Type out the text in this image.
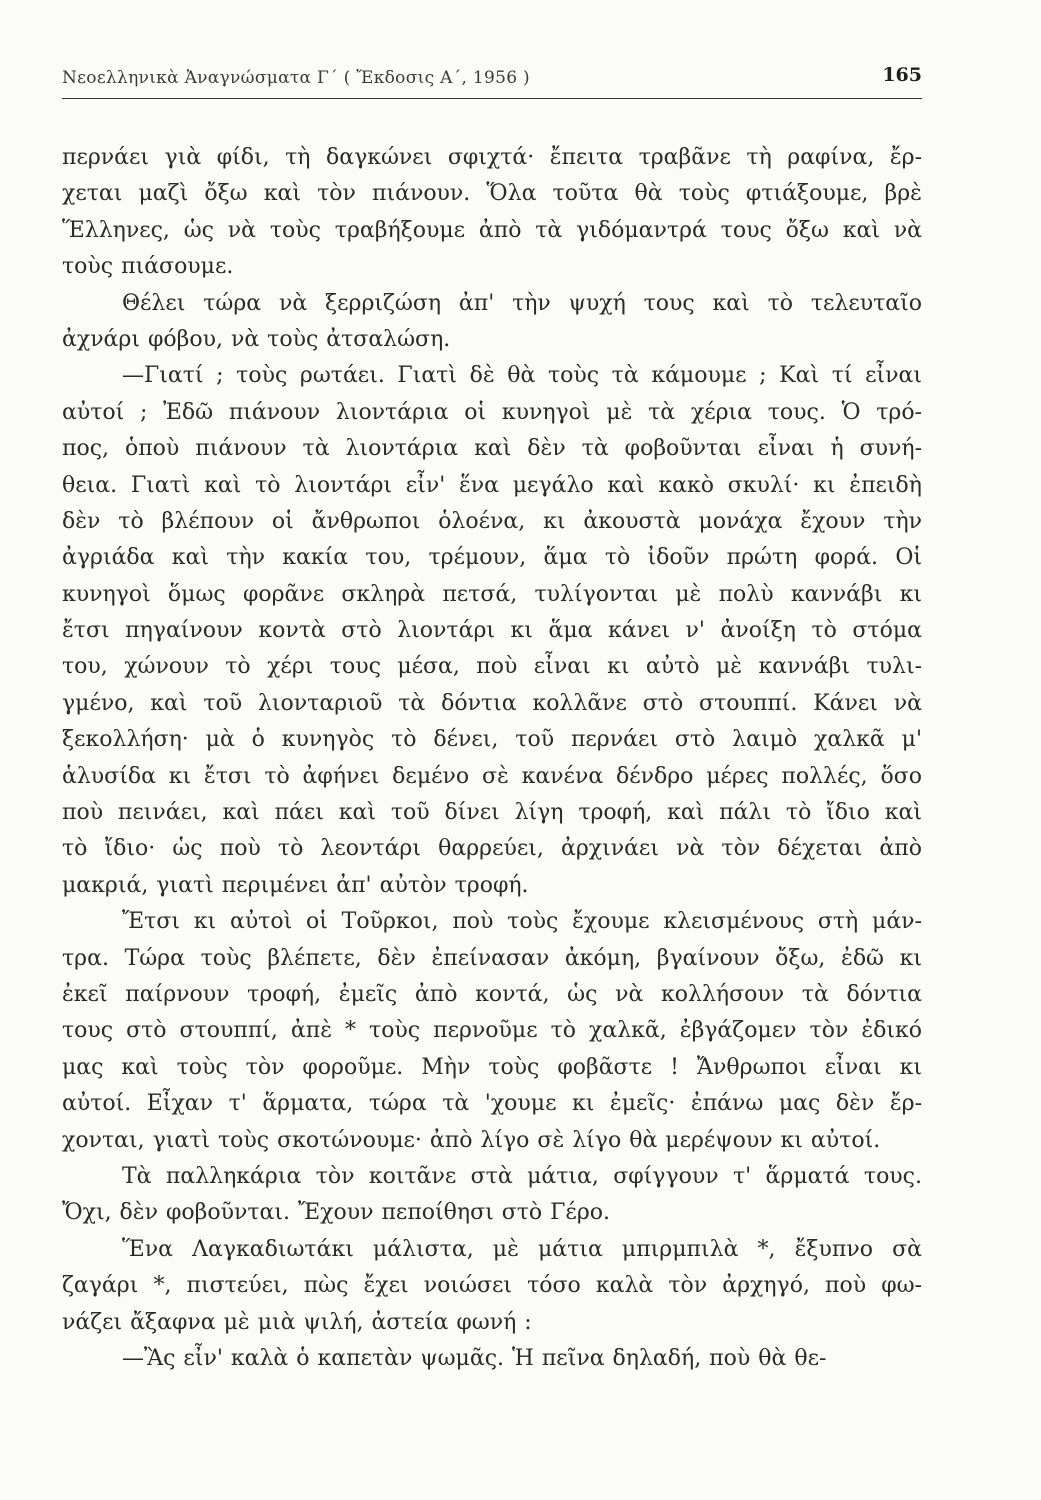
Νεοελληνικὰ Ἀναγνώσματα Γ΄ ( Ἔκδοσις Α΄, 1956 )	165
περνάει γιὰ φίδι, τὴ δαγκώνει σφιχτά· ἔπειτα τραβᾶνε τὴ ραφίνα, ἔρ-
χεται μαζὶ ὄξω καὶ τὸν πιάνουν. Ὅλα τοῦτα θὰ τοὺς φτιάξουμε, βρὲ
Ἕλληνες, ὡς νὰ τοὺς τραβήξουμε ἀπὸ τὰ γιδόμαντρά τους ὄξω καὶ νὰ
τοὺς πιάσουμε.
Θέλει τώρα νὰ ξερριζώση ἀπ' τὴν ψυχή τους καὶ τὸ τελευταῖο
ἀχνάρι φόβου, νὰ τοὺς ἀτσαλώση.
—Γιατί ; τοὺς ρωτάει. Γιατὶ δὲ θὰ τοὺς τὰ κάμουμε ; Καὶ τί εἶναι
αὐτοί ; Ἐδῶ πιάνουν λιοντάρια οἱ κυνηγοὶ μὲ τὰ χέρια τους. Ὁ τρό-
πος, ὁποὺ πιάνουν τὰ λιοντάρια καὶ δὲν τὰ φοβοῦνται εἶναι ἡ συνή-
θεια. Γιατὶ καὶ τὸ λιοντάρι εἶν' ἕνα μεγάλο καὶ κακὸ σκυλί· κι ἐπειδὴ
δὲν τὸ βλέπουν οἱ ἄνθρωποι ὁλοένα, κι ἀκουστὰ μονάχα ἔχουν τὴν
ἀγριάδα καὶ τὴν κακία του, τρέμουν, ἅμα τὸ ἰδοῦν πρώτη φορά. Οἱ
κυνηγοὶ ὅμως φορᾶνε σκληρὰ πετσά, τυλίγονται μὲ πολὺ καννάβι κι
ἔτσι πηγαίνουν κοντὰ στὸ λιοντάρι κι ἅμα κάνει ν' ἀνοίξη τὸ στόμα
του, χώνουν τὸ χέρι τους μέσα, ποὺ εἶναι κι αὐτὸ μὲ καννάβι τυλι-
γμένο, καὶ τοῦ λιονταριοῦ τὰ δόντια κολλᾶνε στὸ στουππί. Κάνει νὰ
ξεκολλήση· μὰ ὁ κυνηγὸς τὸ δένει, τοῦ περνάει στὸ λαιμὸ χαλκᾶ μ'
ἁλυσίδα κι ἔτσι τὸ ἀφήνει δεμένο σὲ κανένα δένδρο μέρες πολλές, ὅσο
ποὺ πεινάει, καὶ πάει καὶ τοῦ δίνει λίγη τροφή, καὶ πάλι τὸ ἴδιο καὶ
τὸ ἴδιο· ὡς ποὺ τὸ λεοντάρι θαρρεύει, ἀρχινάει νὰ τὸν δέχεται ἀπὸ
μακριά, γιατὶ περιμένει ἀπ' αὐτὸν τροφή.
Ἔτσι κι αὐτοὶ οἱ Τοῦρκοι, ποὺ τοὺς ἔχουμε κλεισμένους στὴ μάν-
τρα. Τώρα τοὺς βλέπετε, δὲν ἐπείνασαν ἀκόμη, βγαίνουν ὄξω, ἐδῶ κι
ἐκεῖ παίρνουν τροφή, ἐμεῖς ἀπὸ κοντά, ὡς νὰ κολλήσουν τὰ δόντια
τους στὸ στουππί, ἀπὲ * τοὺς περνοῦμε τὸ χαλκᾶ, ἐβγάζομεν τὸν ἐδικό
μας καὶ τοὺς τὸν φοροῦμε. Μὴν τοὺς φοβᾶστε ! Ἄνθρωποι εἶναι κι
αὐτοί. Εἶχαν τ' ἅρματα, τώρα τὰ 'χουμε κι ἐμεῖς· ἐπάνω μας δὲν ἔρ-
χονται, γιατὶ τοὺς σκοτώνουμε· ἀπὸ λίγο σὲ λίγο θὰ μερέψουν κι αὐτοί.
Τὰ παλληκάρια τὸν κοιτᾶνε στὰ μάτια, σφίγγουν τ' ἅρματά τους.
Ὄχι, δὲν φοβοῦνται. Ἔχουν πεποίθησι στὸ Γέρο.
Ἕνα Λαγκαδιωτάκι μάλιστα, μὲ μάτια μπιρμπιλὰ *, ἔξυπνο σὰ
ζαγάρι *, πιστεύει, πὼς ἔχει νοιώσει τόσο καλὰ τὸν ἀρχηγό, ποὺ φω-
νάζει ἄξαφνα μὲ μιὰ ψιλή, ἀστεία φωνή :
—Ἂς εἶν' καλὰ ὁ καπετὰν ψωμᾶς. Ἡ πεῖνα δηλαδή, ποὺ θὰ θε-
